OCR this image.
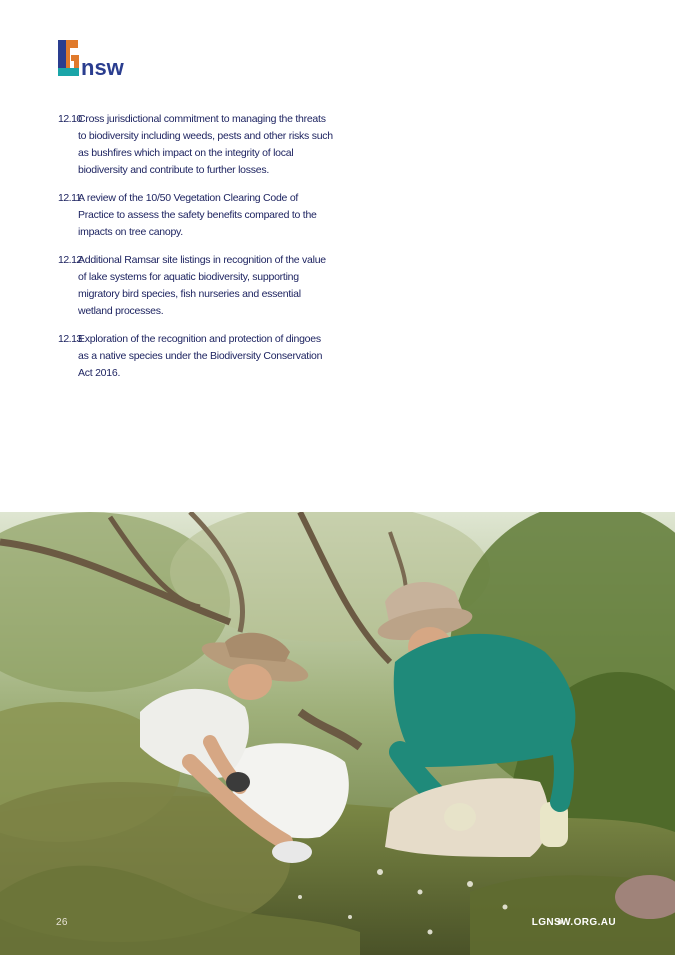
nsw
12.10
Cross jurisdictional commitment to managing the threats to biodiversity including weeds, pests and other risks such as bushfires which impact on the integrity of local biodiversity and contribute to further losses.
12.11
A review of the 10/50 Vegetation Clearing Code of Practice to assess the safety benefits compared to the impacts on tree canopy.
12.12
Additional Ramsar site listings in recognition of the value of lake systems for aquatic biodiversity, supporting migratory bird species, fish nurseries and essential wetland processes.
12.13
Exploration of the recognition and protection of dingoes as a native species under the Biodiversity Conservation Act 2016.
26	LGNSW.ORG.AU
